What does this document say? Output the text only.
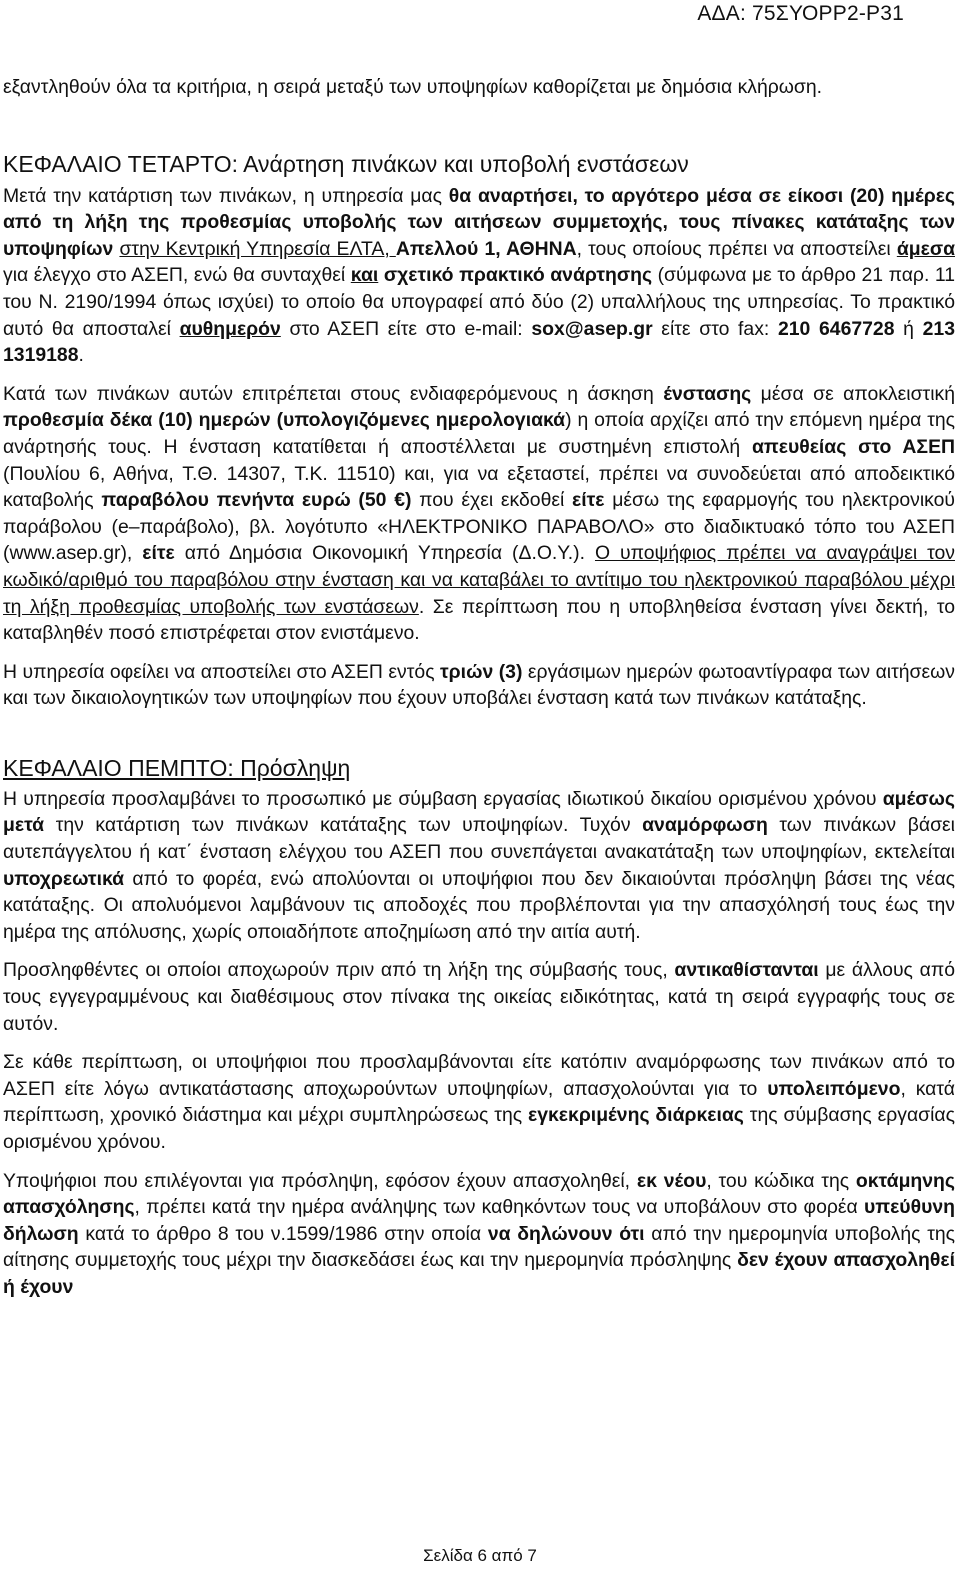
ΑΔΑ: 75ΣΥΟΡΡ2-Ρ31

εξαντληθούν όλα τα κριτήρια, η σειρά μεταξύ των υποψηφίων καθορίζεται με δημόσια κλήρωση.

ΚΕΦΑΛΑΙΟ ΤΕΤΑΡΤΟ: Ανάρτηση πινάκων και υποβολή ενστάσεων

Μετά την κατάρτιση των πινάκων, η υπηρεσία μας θα αναρτήσει, το αργότερο μέσα σε είκοσι (20) ημέρες από τη λήξη της προθεσμίας υποβολής των αιτήσεων συμμετοχής, τους πίνακες κατάταξης των υποψηφίων στην Κεντρική Υπηρεσία ΕΛΤΑ, Απελλού 1, ΑΘΗΝΑ, τους οποίους πρέπει να αποστείλει άμεσα για έλεγχο στο ΑΣΕΠ, ενώ θα συνταχθεί και σχετικό πρακτικό ανάρτησης (σύμφωνα με το άρθρο 21 παρ. 11 του Ν. 2190/1994 όπως ισχύει) το οποίο θα υπογραφεί από δύο (2) υπαλλήλους της υπηρεσίας. Το πρακτικό αυτό θα αποσταλεί αυθημερόν στο ΑΣΕΠ είτε στο e-mail: sox@asep.gr είτε στο fax: 210 6467728 ή 213 1319188.

Κατά των πινάκων αυτών επιτρέπεται στους ενδιαφερόμενους η άσκηση ένστασης μέσα σε αποκλειστική προθεσμία δέκα (10) ημερών (υπολογιζόμενες ημερολογιακά) η οποία αρχίζει από την επόμενη ημέρα της ανάρτησής τους. Η ένσταση κατατίθεται ή αποστέλλεται με συστημένη επιστολή απευθείας στο ΑΣΕΠ (Πουλίου 6, Αθήνα, Τ.Θ. 14307, Τ.Κ. 11510) και, για να εξεταστεί, πρέπει να συνοδεύεται από αποδεικτικό καταβολής παραβόλου πενήντα ευρώ (50 €) που έχει εκδοθεί είτε μέσω της εφαρμογής του ηλεκτρονικού παράβολου (e–παράβολο), βλ. λογότυπο «ΗΛΕΚΤΡΟΝΙΚΟ ΠΑΡΑΒΟΛΟ» στο διαδικτυακό τόπο του ΑΣΕΠ (www.asep.gr), είτε από Δημόσια Οικονομική Υπηρεσία (Δ.Ο.Υ.). Ο υποψήφιος πρέπει να αναγράψει τον κωδικό/αριθμό του παραβόλου στην ένσταση και να καταβάλει το αντίτιμο του ηλεκτρονικού παραβόλου μέχρι τη λήξη προθεσμίας υποβολής των ενστάσεων. Σε περίπτωση που η υποβληθείσα ένσταση γίνει δεκτή, το καταβληθέν ποσό επιστρέφεται στον ενιστάμενο.

Η υπηρεσία οφείλει να αποστείλει στο ΑΣΕΠ εντός τριών (3) εργάσιμων ημερών φωτοαντίγραφα των αιτήσεων και των δικαιολογητικών των υποψηφίων που έχουν υποβάλει ένσταση κατά των πινάκων κατάταξης.

ΚΕΦΑΛΑΙΟ ΠΕΜΠΤΟ: Πρόσληψη

Η υπηρεσία προσλαμβάνει το προσωπικό με σύμβαση εργασίας ιδιωτικού δικαίου ορισμένου χρόνου αμέσως μετά την κατάρτιση των πινάκων κατάταξης των υποψηφίων. Τυχόν αναμόρφωση των πινάκων βάσει αυτεπάγγελτου ή κατ΄ ένσταση ελέγχου του ΑΣΕΠ που συνεπάγεται ανακατάταξη των υποψηφίων, εκτελείται υποχρεωτικά από το φορέα, ενώ απολύονται οι υποψήφιοι που δεν δικαιούνται πρόσληψη βάσει της νέας κατάταξης. Οι απολυόμενοι λαμβάνουν τις αποδοχές που προβλέπονται για την απασχόλησή τους έως την ημέρα της απόλυσης, χωρίς οποιαδήποτε αποζημίωση από την αιτία αυτή.

Προσληφθέντες οι οποίοι αποχωρούν πριν από τη λήξη της σύμβασής τους, αντικαθίστανται με άλλους από τους εγγεγραμμένους και διαθέσιμους στον πίνακα της οικείας ειδικότητας, κατά τη σειρά εγγραφής τους σε αυτόν.

Σε κάθε περίπτωση, οι υποψήφιοι που προσλαμβάνονται είτε κατόπιν αναμόρφωσης των πινάκων από το ΑΣΕΠ είτε λόγω αντικατάστασης αποχωρούντων υποψηφίων, απασχολούνται για το υπολειπόμενο, κατά περίπτωση, χρονικό διάστημα και μέχρι συμπληρώσεως της εγκεκριμένης διάρκειας της σύμβασης εργασίας ορισμένου χρόνου.

Υποψήφιοι που επιλέγονται για πρόσληψη, εφόσον έχουν απασχοληθεί, εκ νέου, του κώδικα της οκτάμηνης απασχόλησης, πρέπει κατά την ημέρα ανάληψης των καθηκόντων τους να υποβάλουν στο φορέα υπεύθυνη δήλωση κατά το άρθρο 8 του ν.1599/1986 στην οποία να δηλώνουν ότι από την ημερομηνία υποβολής της αίτησης συμμετοχής τους μέχρι την διασκεδάσει έως και την ημερομηνία πρόσληψης δεν έχουν απασχοληθεί ή έχουν

Σελίδα 6 από 7
